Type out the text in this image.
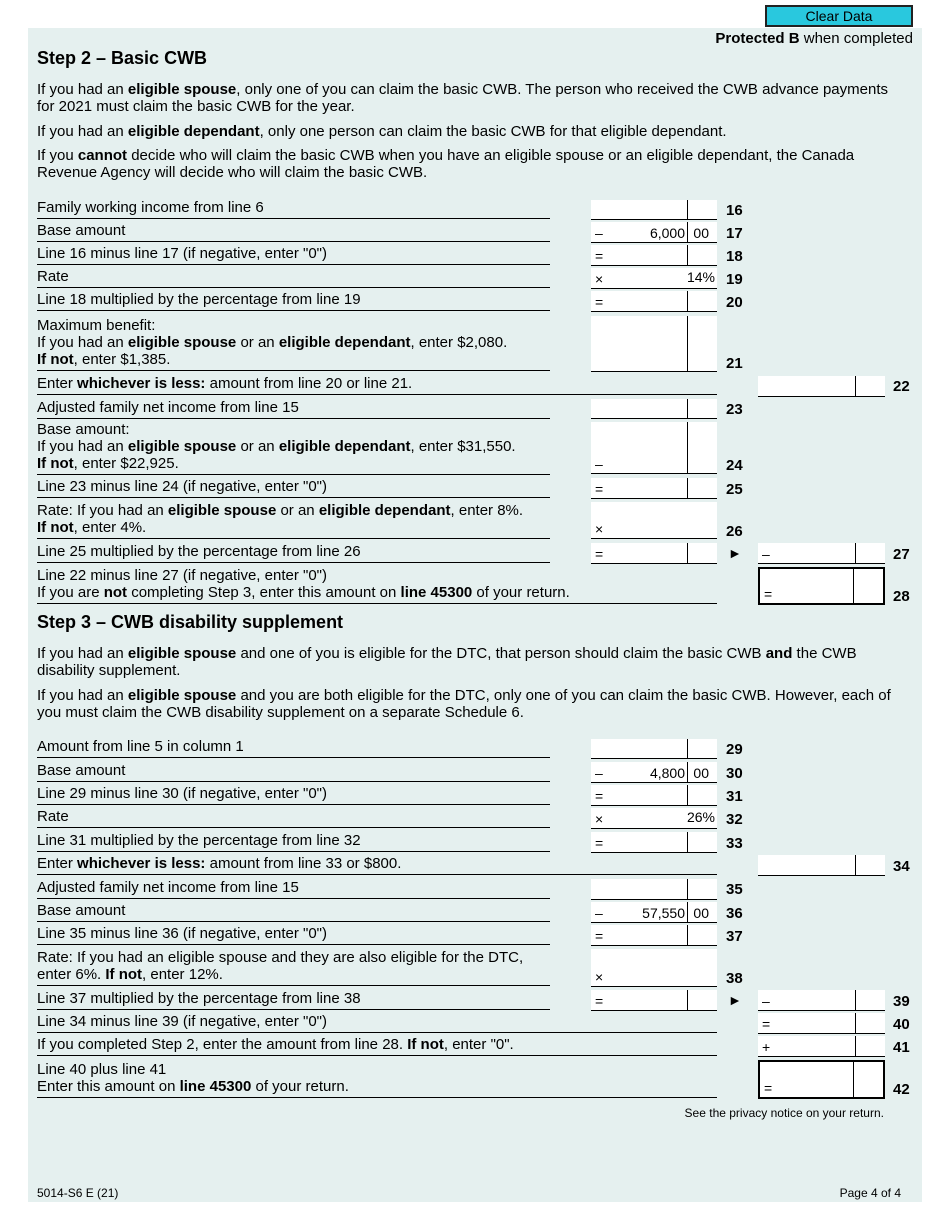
Clear Data
Protected B when completed
Step 2 – Basic CWB
If you had an eligible spouse, only one of you can claim the basic CWB. The person who received the CWB advance payments for 2021 must claim the basic CWB for the year.
If you had an eligible dependant, only one person can claim the basic CWB for that eligible dependant.
If you cannot decide who will claim the basic CWB when you have an eligible spouse or an eligible dependant, the Canada Revenue Agency will decide who will claim the basic CWB.
Family working income from line 6	16
Base amount	–	6,000 00 17
Line 16 minus line 17 (if negative, enter "0")	=	18
Rate	×	14% 19
Line 18 multiplied by the percentage from line 19	=	20
Maximum benefit:
If you had an eligible spouse or an eligible dependant, enter $2,080.
If not, enter $1,385.	21
Enter whichever is less: amount from line 20 or line 21.	22
Adjusted family net income from line 15	23
Base amount:
If you had an eligible spouse or an eligible dependant, enter $31,550.
If not, enter $22,925.	–	24
Line 23 minus line 24 (if negative, enter "0")	=	25
Rate: If you had an eligible spouse or an eligible dependant, enter 8%.
If not, enter 4%.	×	26
Line 25 multiplied by the percentage from line 26	=	► –	27
Line 22 minus line 27 (if negative, enter "0")
If you are not completing Step 3, enter this amount on line 45300 of your return.	=	28
Step 3 – CWB disability supplement
If you had an eligible spouse and one of you is eligible for the DTC, that person should claim the basic CWB and the CWB disability supplement.
If you had an eligible spouse and you are both eligible for the DTC, only one of you can claim the basic CWB. However, each of you must claim the CWB disability supplement on a separate Schedule 6.
Amount from line 5 in column 1	29
Base amount	–	4,800 00 30
Line 29 minus line 30 (if negative, enter "0")	=	31
Rate	×	26% 32
Line 31 multiplied by the percentage from line 32	=	33
Enter whichever is less: amount from line 33 or $800.	34
Adjusted family net income from line 15	35
Base amount	–	57,550 00 36
Line 35 minus line 36 (if negative, enter "0")	=	37
Rate: If you had an eligible spouse and they are also eligible for the DTC,
enter 6%. If not, enter 12%.	×	38
Line 37 multiplied by the percentage from line 38	=	► –	39
Line 34 minus line 39 (if negative, enter "0")	=	40
If you completed Step 2, enter the amount from line 28. If not, enter "0".	+	41
Line 40 plus line 41
Enter this amount on line 45300 of your return.	=	42
See the privacy notice on your return.
5014-S6 E (21)	Page 4 of 4
